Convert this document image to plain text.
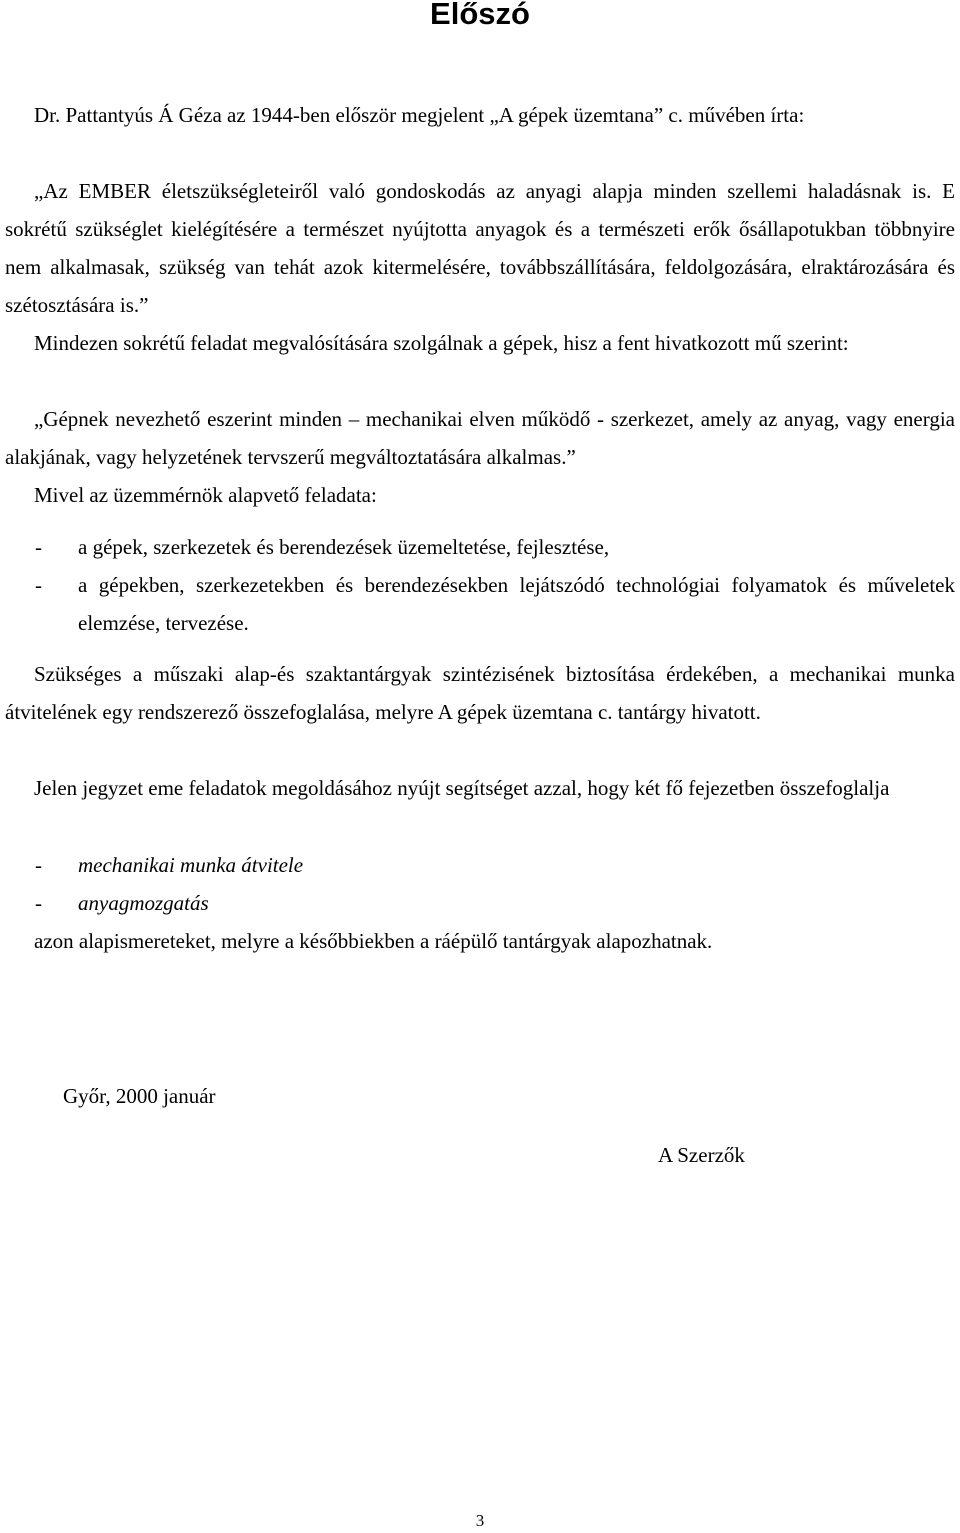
Előszó

Dr. Pattantyús Á Géza az 1944-ben először megjelent „A gépek üzemtana” c. művében írta:

„Az EMBER életszükségleteiről való gondoskodás az anyagi alapja minden szellemi haladásnak is. E sokrétű szükséglet kielégítésére a természet nyújtotta anyagok és a természeti erők ősállapotukban többnyire nem alkalmasak, szükség van tehát azok kitermelésére, továbbszállítására, feldolgozására, elraktározására és szétosztására is.”

Mindezen sokrétű feladat megvalósítására szolgálnak a gépek, hisz a fent hivatkozott mű szerint:

„Gépnek nevezhető eszerint minden – mechanikai elven működő - szerkezet, amely az anyag, vagy energia alakjának, vagy helyzetének tervszerű megváltoztatására alkalmas.”

Mivel az üzemmérnök alapvető feladata:

- a gépek, szerkezetek és berendezések üzemeltetése, fejlesztése,
- a gépekben, szerkezetekben és berendezésekben lejátszódó technológiai folyamatok és műveletek elemzése, tervezése.

Szükséges a műszaki alap-és szaktantárgyak szintézisének biztosítása érdekében, a mechanikai munka átvitelének egy rendszerező összefoglalása, melyre A gépek üzemtana c. tantárgy hivatott.

Jelen jegyzet eme feladatok megoldásához nyújt segítséget azzal, hogy két fő fejezetben összefoglalja

- mechanikai munka átvitele
- anyagmozgatás

azon alapismereteket, melyre a későbbiekben a ráépülő tantárgyak alapozhatnak.

Győr, 2000 január
A Szerzők
3
